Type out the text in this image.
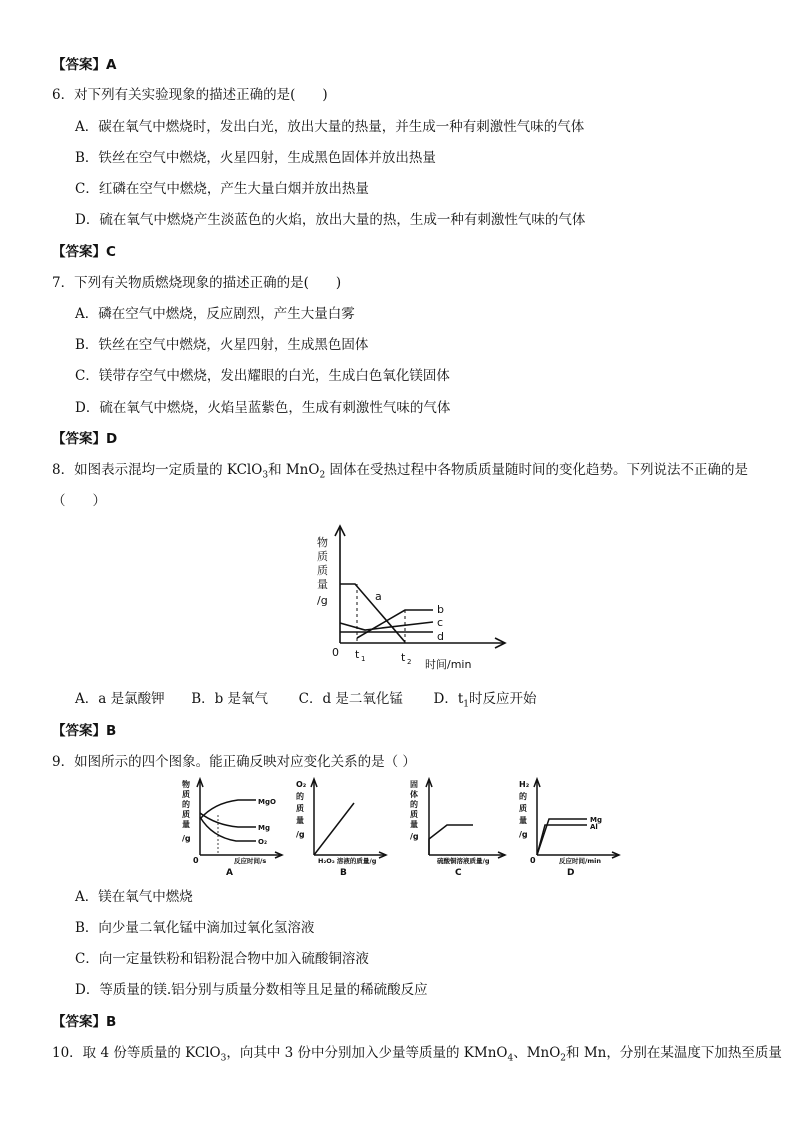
【答案】A
6．对下列有关实验现象的描述正确的是(　　)
A．碳在氧气中燃烧时，发出白光，放出大量的热量，并生成一种有刺激性气味的气体
B．铁丝在空气中燃烧，火星四射，生成黑色固体并放出热量
C．红磷在空气中燃烧，产生大量白烟并放出热量
D．硫在氧气中燃烧产生淡蓝色的火焰，放出大量的热，生成一种有刺激性气味的气体
【答案】C
7．下列有关物质燃烧现象的描述正确的是(　　)
A．磷在空气中燃烧，反应剧烈，产生大量白雾
B．铁丝在空气中燃烧，火星四射，生成黑色固体
C．镁带存空气中燃烧，发出耀眼的白光，生成白色氧化镁固体
D．硫在氧气中燃烧，火焰呈蓝紫色，生成有刺激性气味的气体
【答案】D
8．如图表示混均一定质量的 KClO$_3$和 MnO$_2$ 固体在受热过程中各物质质量随时间的变化趋势。下列说法不正确的是
（　　）
物
质
质
量
/g
0 t 1	t 2 时间/min
a
b
c
d
A．a 是氯酸钾 B．b 是氧气 C．d 是二氧化锰 D．$t_1$时反应开始
【答案】B
9．如图所示的四个图象。能正确反映对应变化关系的是（ ）
物
质
的
质
量
/g
MgO
Mg
O₂
0	反应时间/s
A
O₂
的
质
量
/g
H₂O₂ 溶液的质量/g
B
固
体
的
质
量
/g
硫酸铜溶液质量/g
C
H₂
的
质
量
/g
Mg
Al
0	反应时间/min
D
A．镁在氧气中燃烧
B．向少量二氧化锰中滴加过氧化氢溶液
C．向一定量铁粉和铝粉混合物中加入硫酸铜溶液
D．等质量的镁.铝分别与质量分数相等且足量的稀硫酸反应
【答案】B
10．取 4 份等质量的 KClO$_3$，向其中 3 份中分别加入少量等质量的 KMnO$_4$、MnO$_2$和 Mn，分别在某温度下加热至质量
